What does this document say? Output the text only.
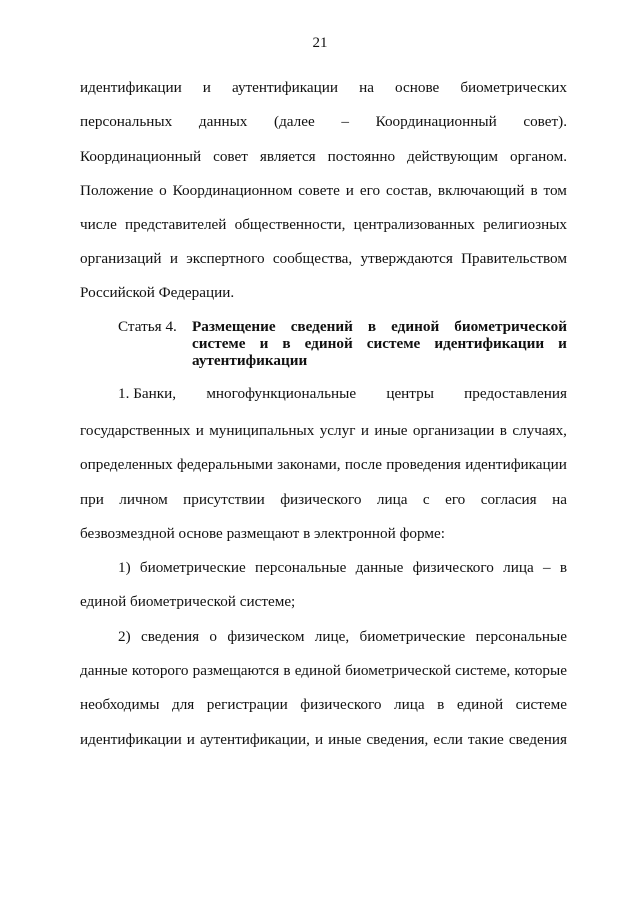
21
идентификации и аутентификации на основе биометрических
персональных данных (далее – Координационный совет).
Координационный совет является постоянно действующим органом.
Положение о Координационном совете и его состав, включающий в том
числе представителей общественности, централизованных религиозных
организаций и экспертного сообщества, утверждаются Правительством
Российской Федерации.
Статья 4. Размещение сведений в единой биометрической
системе и в единой системе идентификации и
аутентификации
1. Банки, многофункциональные центры предоставления
государственных и муниципальных услуг и иные организации в случаях,
определенных федеральными законами, после проведения идентификации
при личном присутствии физического лица с его согласия на
безвозмездной основе размещают в электронной форме:
1) биометрические персональные данные физического лица – в
единой биометрической системе;
2) сведения о физическом лице, биометрические персональные
данные которого размещаются в единой биометрической системе, которые
необходимы для регистрации физического лица в единой системе
идентификации и аутентификации, и иные сведения, если такие сведения
